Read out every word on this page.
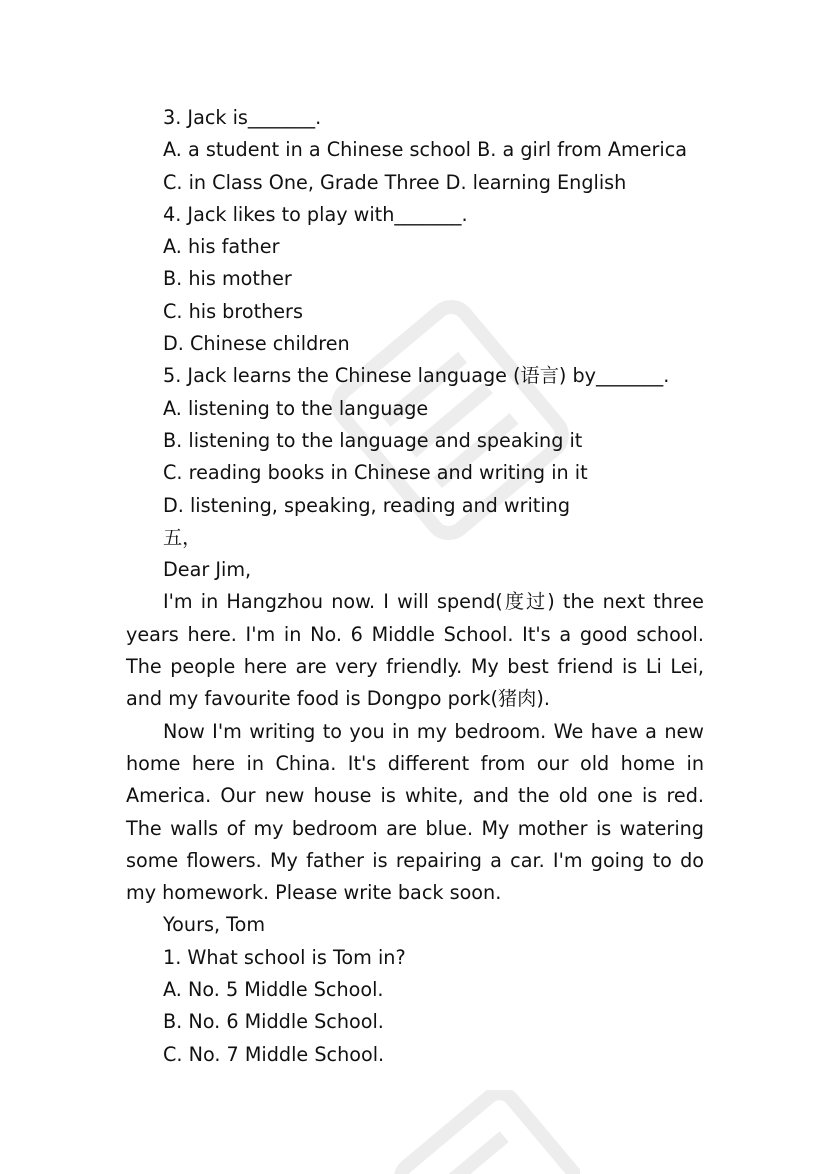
3. Jack is_______.
A. a student in a Chinese school B. a girl from America
C. in Class One, Grade Three D. learning English
4. Jack likes to play with_______.
A. his father
B. his mother
C. his brothers
D. Chinese children
5. Jack learns the Chinese language (语言) by_______.
A. listening to the language
B. listening to the language and speaking it
C. reading books in Chinese and writing in it
D. listening, speaking, reading and writing
五，
Dear Jim,

I'm in Hangzhou now. I will spend(度过) the next three years here. I'm in No. 6 Middle School. It's a good school. The people here are very friendly. My best friend is Li Lei, and my favourite food is Dongpo pork(猪肉).

Now I'm writing to you in my bedroom. We have a new home here in China. It's different from our old home in America. Our new house is white, and the old one is red. The walls of my bedroom are blue. My mother is watering some flowers. My father is repairing a car. I'm going to do my homework. Please write back soon.

Yours, Tom
1. What school is Tom in?
A. No. 5 Middle School.
B. No. 6 Middle School.
C. No. 7 Middle School.
